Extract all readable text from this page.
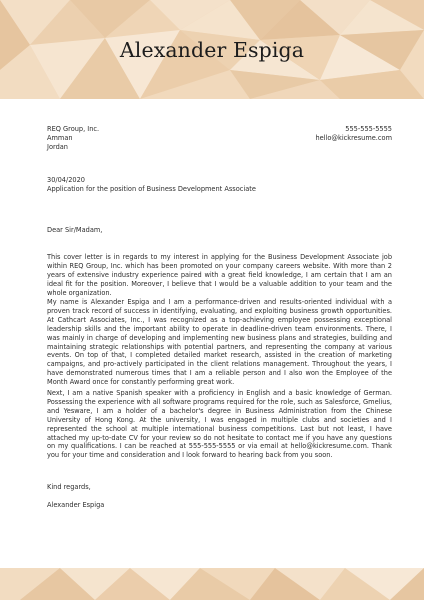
Alexander Espiga
REQ Group, Inc.
Amman
Jordan
555-555-5555
hello@kickresume.com
30/04/2020
Application for the position of Business Development Associate

Dear Sir/Madam,

This cover letter is in regards to my interest in applying for the Business Development Associate job within REQ Group, Inc. which has been promoted on your company careers website. With more than 2 years of extensive industry experience paired with a great field knowledge, I am certain that I am an ideal fit for the position. Moreover, I believe that I would be a valuable addition to your team and the whole organization.

My name is Alexander Espiga and I am a performance-driven and results-oriented individual with a proven track record of success in identifying, evaluating, and exploiting business growth opportunities. At Cathcart Associates, Inc., I was recognized as a top-achieving employee possessing exceptional leadership skills and the important ability to operate in deadline-driven team environments. There, I was mainly in charge of developing and implementing new business plans and strategies, building and maintaining strategic relationships with potential partners, and representing the company at various events. On top of that, I completed detailed market research, assisted in the creation of marketing campaigns, and pro-actively participated in the client relations management. Throughout the years, I have demonstrated numerous times that I am a reliable person and I also won the Employee of the Month Award once for constantly performing great work.

Next, I am a native Spanish speaker with a proficiency in English and a basic knowledge of German. Possessing the experience with all software programs required for the role, such as Salesforce, Gmelius, and Yesware, I am a holder of a bachelor's degree in Business Administration from the Chinese University of Hong Kong. At the university, I was engaged in multiple clubs and societies and I represented the school at multiple international business competitions. Last but not least, I have attached my up-to-date CV for your review so do not hesitate to contact me if you have any questions on my qualifications. I can be reached at 555-555-5555 or via email at hello@kickresume.com. Thank you for your time and consideration and I look forward to hearing back from you soon.

Kind regards,

Alexander Espiga
